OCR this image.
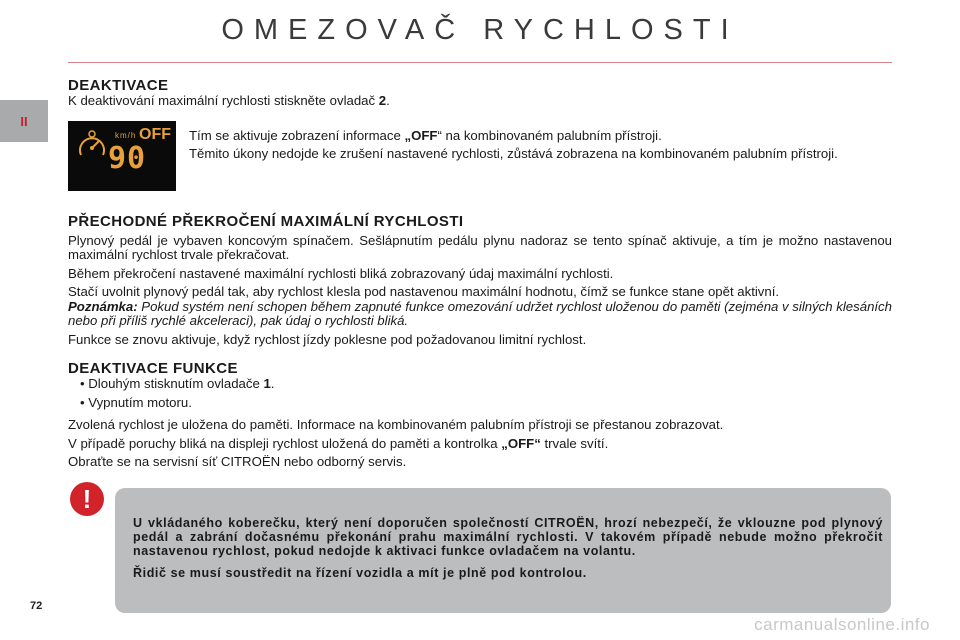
OMEZOVAČ RYCHLOSTI
II
DEAKTIVACE

K deaktivování maximální rychlosti stiskněte ovladač 2.

km/h OFF
90

Tím se aktivuje zobrazení informace „OFF“ na kombinovaném palubním přístroji.

Těmito úkony nedojde ke zrušení nastavené rychlosti, zůstává zobrazena na kombinovaném palubním přístroji.

PŘECHODNÉ PŘEKROČENÍ MAXIMÁLNÍ RYCHLOSTI

Plynový pedál je vybaven koncovým spínačem. Sešlápnutím pedálu plynu nadoraz se tento spínač aktivuje, a tím je možno nastavenou maximální rychlost trvale překračovat.

Během překročení nastavené maximální rychlosti bliká zobrazovaný údaj maximální rychlosti.

Stačí uvolnit plynový pedál tak, aby rychlost klesla pod nastavenou maximální hodnotu, čímž se funkce stane opět aktivní.

Poznámka: Pokud systém není schopen během zapnuté funkce omezování udržet rychlost uloženou do paměti (zejména v silných klesáních nebo při příliš rychlé akceleraci), pak údaj o rychlosti bliká.

Funkce se znovu aktivuje, když rychlost jízdy poklesne pod požadovanou limitní rychlost.

DEAKTIVACE FUNKCE

• Dlouhým stisknutím ovladače 1.

• Vypnutím motoru.

Zvolená rychlost je uložena do paměti. Informace na kombinovaném palubním přístroji se přestanou zobrazovat.

V případě poruchy bliká na displeji rychlost uložená do paměti a kontrolka „OFF“ trvale svítí.

Obraťte se na servisní síť CITROËN nebo odborný servis.

!
U vkládaného koberečku, který není doporučen společností CITROËN, hrozí nebezpečí, že vklouzne pod plynový pedál a zabrání dočasnému překonání prahu maximální rychlosti. V takovém případě nebude možno překročit nastavenou rychlost, pokud nedojde k aktivaci funkce ovladačem na volantu.
Řidič se musí soustředit na řízení vozidla a mít je plně pod kontrolou.
72
carmanualsonline.info
